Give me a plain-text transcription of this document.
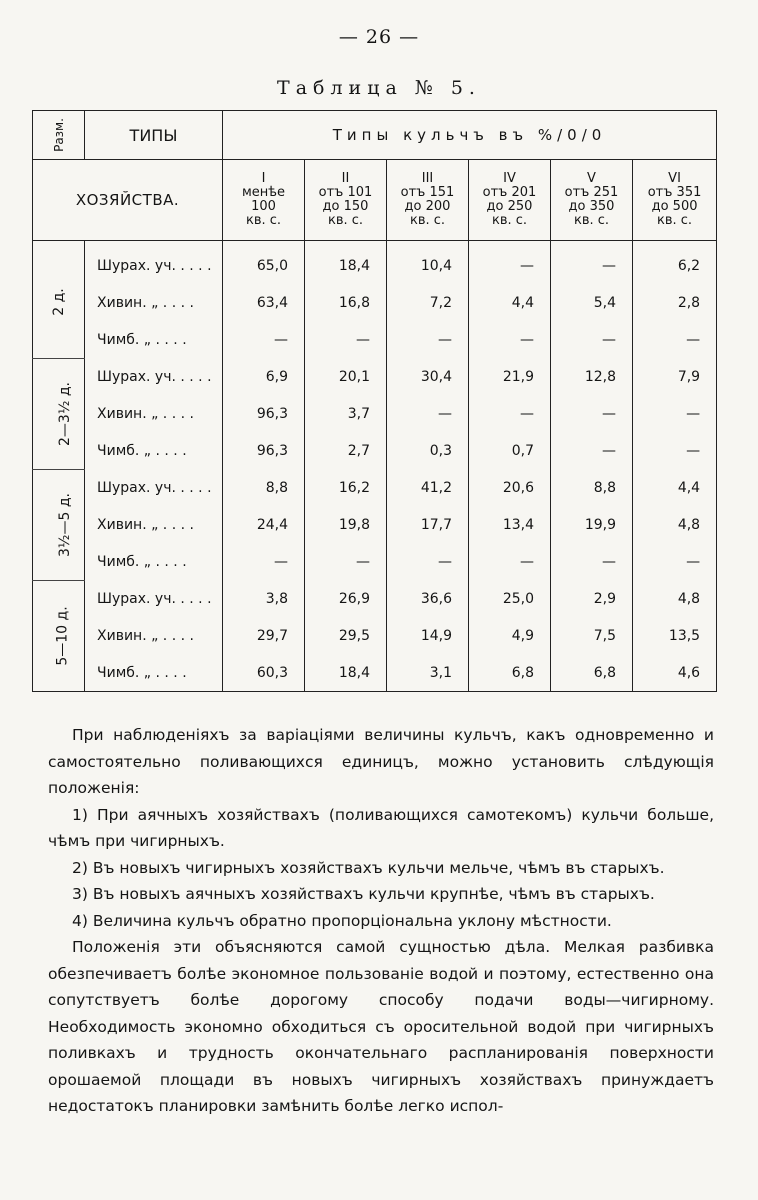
— 26 —
Таблица № 5.
Разм.	ТИПЫ	Типы кульчъ въ %/0/0					
ХОЗЯЙСТВА.		I
менѣе
100
кв. с.	II
отъ 101
до 150
кв. с.	III
отъ 151
до 200
кв. с.	IV
отъ 201
до 250
кв. с.	V
отъ 251
до 350
кв. с.	VI
отъ 351
до 500
кв. с.

2 д.	Шурах. уч. . . . .	65,0	18,4	10,4	—	—	6,2
	Хивин. „ . . . .	63,4	16,8	7,2	4,4	5,4	2,8
	Чимб. „ . . . .	—	—	—	—	—	—
2—3½ д.	Шурах. уч. . . . .	6,9	20,1	30,4	21,9	12,8	7,9
	Хивин. „ . . . .	96,3	3,7	—	—	—	—
	Чимб. „ . . . .	96,3	2,7	0,3	0,7	—	—
3½—5 д.	Шурах. уч. . . . .	8,8	16,2	41,2	20,6	8,8	4,4
	Хивин. „ . . . .	24,4	19,8	17,7	13,4	19,9	4,8
	Чимб. „ . . . .	—	—	—	—	—	—
5—10 д.	Шурах. уч. . . . .	3,8	26,9	36,6	25,0	2,9	4,8
	Хивин. „ . . . .	29,7	29,5	14,9	4,9	7,5	13,5
	Чимб. „ . . . .	60,3	18,4	3,1	6,8	6,8	4,6

При наблюденiяхъ за варiацiями величины кульчъ, какъ одновременно и самостоятельно поливающихся единицъ, можно установить слѣдующiя положенiя:

1) При аячныхъ хозяйствахъ (поливающихся самотекомъ) кульчи больше, чѣмъ при чигирныхъ.

2) Въ новыхъ чигирныхъ хозяйствахъ кульчи мельче, чѣмъ въ старыхъ.

3) Въ новыхъ аячныхъ хозяйствахъ кульчи крупнѣе, чѣмъ въ старыхъ.

4) Величина кульчъ обратно пропорцiональна уклону мѣстности.

Положенiя эти объясняются самой сущностью дѣла. Мелкая разбивка обезпечиваетъ болѣе экономное пользованiе водой и поэтому, естественно она сопутствуетъ болѣе дорогому способу подачи воды—чигирному. Необходимость экономно обходиться съ оросительной водой при чигирныхъ поливкахъ и трудность окончательнаго распланированiя поверхности орошаемой площади въ новыхъ чигирныхъ хозяйствахъ принуждаетъ недостатокъ планировки замѣнить болѣе легко испол-
